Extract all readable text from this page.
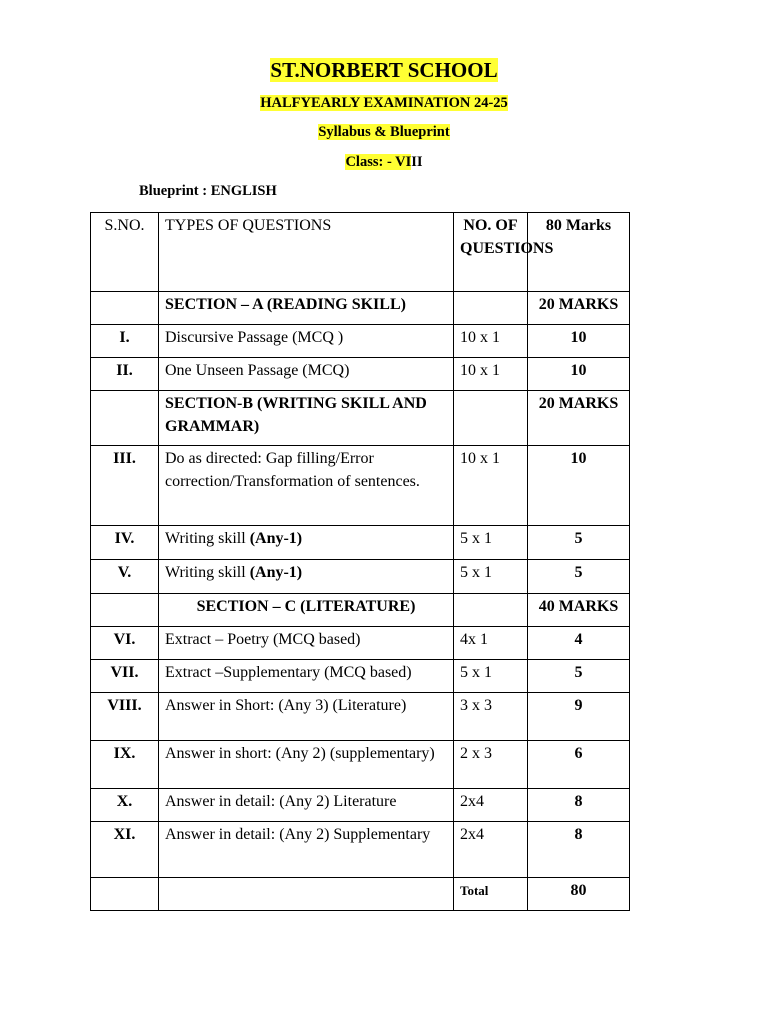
ST.NORBERT SCHOOL
HALFYEARLY EXAMINATION 24-25
Syllabus & Blueprint
Class: - VIII
Blueprint : ENGLISH
S.NO.	TYPES OF QUESTIONS	NO. OF QUESTIONS	80 Marks
	SECTION – A (READING SKILL)		20 MARKS
I.	Discursive Passage (MCQ )	10 x 1	10
II.	One Unseen Passage (MCQ)	10 x 1	10
	SECTION-B (WRITING SKILL AND GRAMMAR)		20 MARKS
III.	Do as directed: Gap filling/Error correction/Transformation of sentences.	10 x 1	10
IV.	Writing skill (Any-1)	5 x 1	5
V.	Writing skill (Any-1)	5 x 1	5
	SECTION – C (LITERATURE)		40 MARKS
VI.	Extract – Poetry (MCQ based)	4x 1	4
VII.	Extract –Supplementary (MCQ based)	5 x 1	5
VIII.	Answer in Short: (Any 3) (Literature)	3 x 3	9
IX.	Answer in short: (Any 2) (supplementary)	2 x 3	6
X.	Answer in detail: (Any 2) Literature	2x4	8
XI.	Answer in detail: (Any 2) Supplementary	2x4	8
		Total	80
